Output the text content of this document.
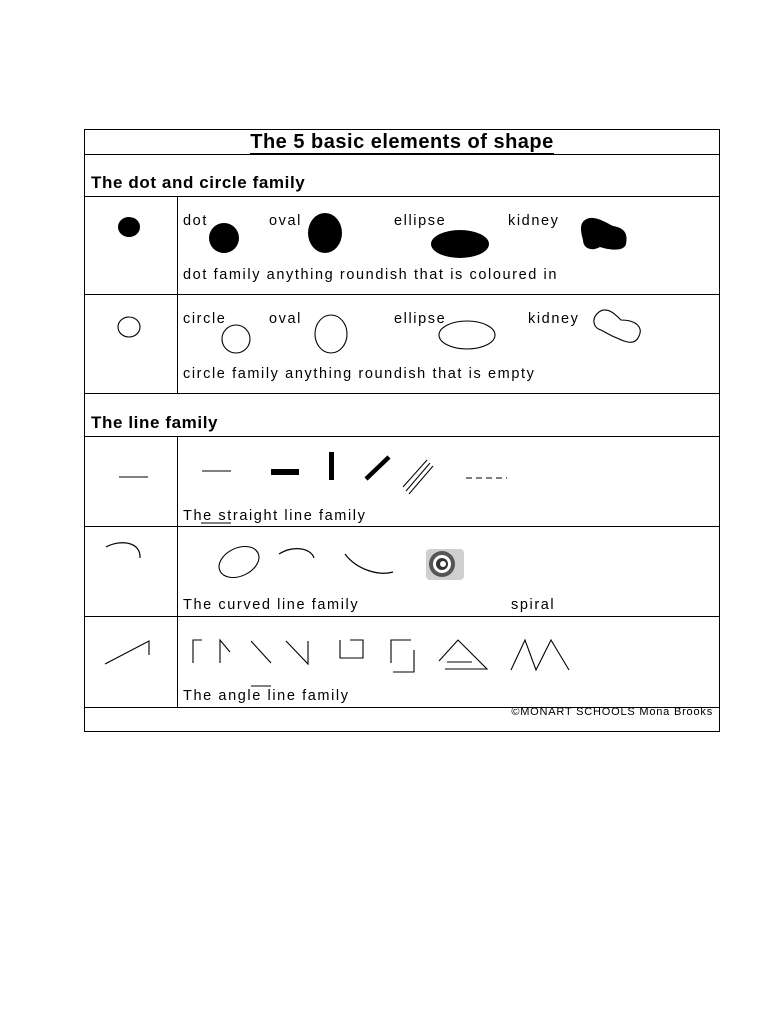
The 5 basic elements of shape
The dot and circle family
The line family
dot	oval	ellipse	kidney
dot family anything roundish that is coloured in
circle	oval	ellipse	kidney
circle family anything roundish that is empty
The straight line family
The curved line family	spiral
The angle line family
©MONART SCHOOLS Mona Brooks
